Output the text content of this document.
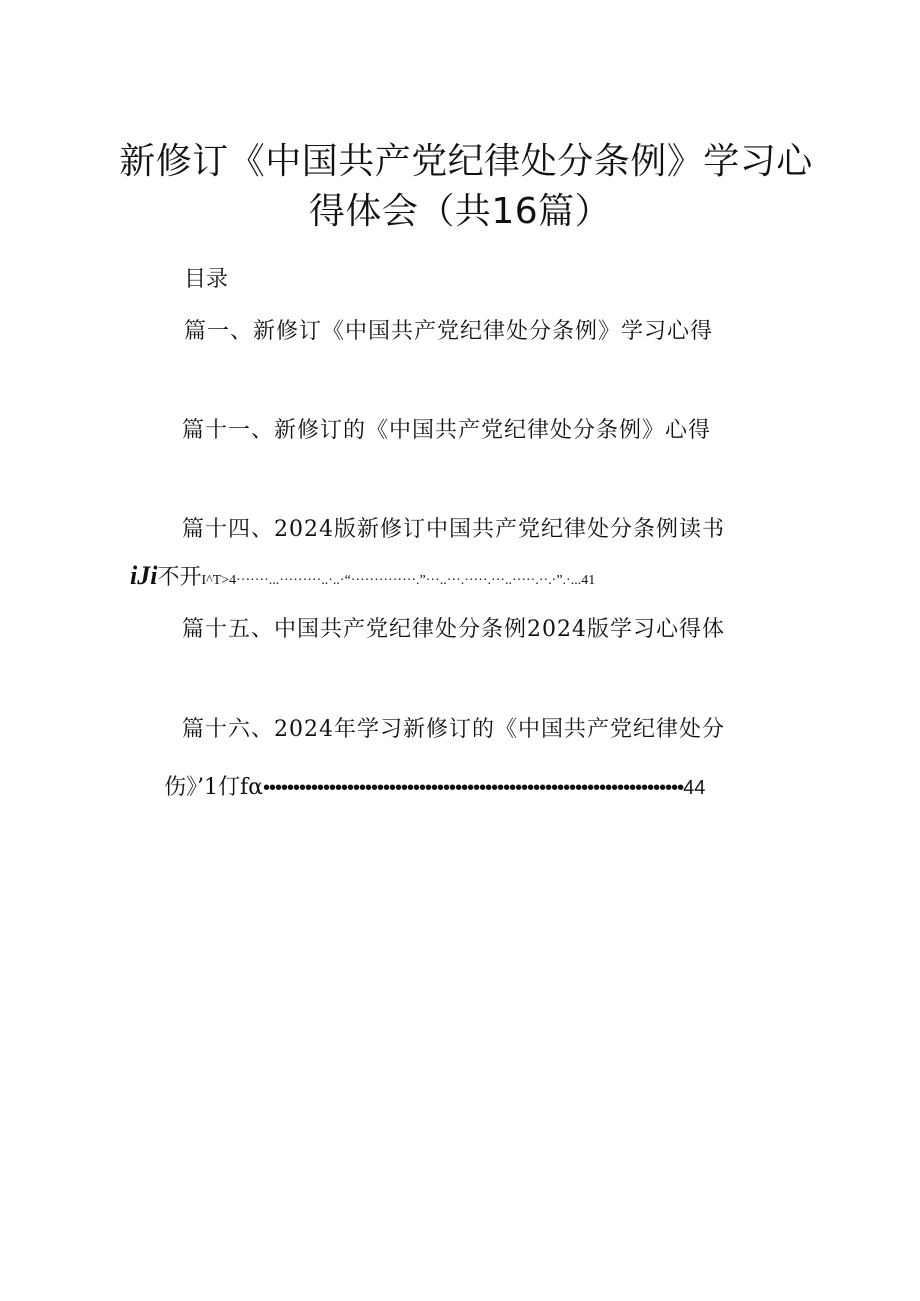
新修订《中国共产党纪律处分条例》学习心
得体会（共16篇）
目录
篇一、新修订《中国共产党纪律处分条例》学习心得
篇十一、新修订的《中国共产党纪律处分条例》心得
篇十四、2024版新修订中国共产党纪律处分条例读书
iJi不开I^T>4·······...·········..·..·“··············.”···..···.·····.···..·····.··.·”.·...41
篇十五、中国共产党纪律处分条例2024版学习心得体
篇十六、2024年学习新修订的《中国共产党纪律处分
伤》’1仃fα••••••••••••••••••••••••••••••••••••••••••••••••••••••••••••••••••••••44
